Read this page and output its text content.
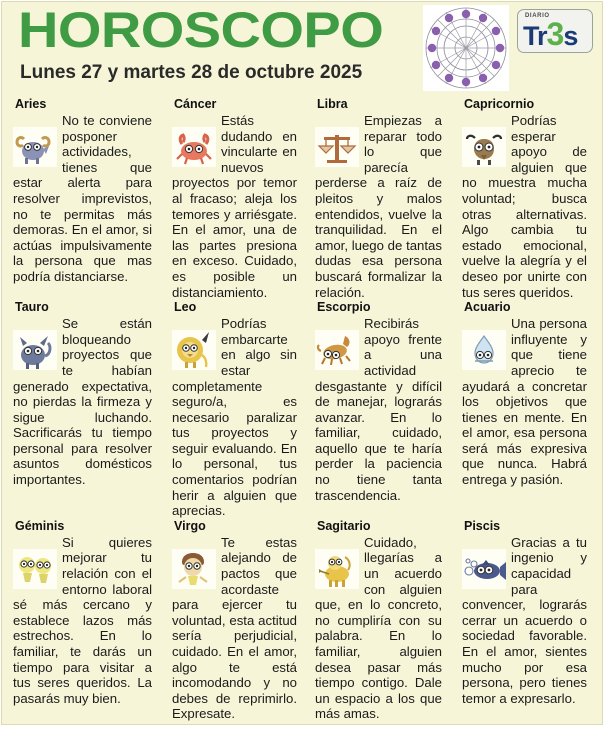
HOROSCOPO
Lunes 27 y martes 28 de octubre 2025
DIARIO
Tr3s
Aries
No te conviene posponer actividades, tienes que estar alerta para resolver imprevistos, no te permitas más demoras. En el amor, si actúas impulsivamente la persona que mas podría distanciarse.
Cáncer
Estás dudando en vincularte en nuevos proyectos por temor al fracaso; aleja los temores y arriésgate. En el amor, una de las partes presiona en exceso. Cuidado, es posible un distanciamiento.
Libra
Empiezas a reparar todo lo que parecía perderse a raíz de pleitos y malos entendidos, vuelve la tranquilidad. En el amor, luego de tantas dudas esa persona buscará formalizar la relación.
Capricornio
Podrías esperar apoyo de alguien que no muestra mucha voluntad; busca otras alternativas. Algo cambia tu estado emocional, vuelve la alegría y el deseo por unirte con tus seres queridos.
Tauro
Se están bloqueando proyectos que te habían generado expectativa, no pierdas la firmeza y sigue luchando. Sacrificarás tu tiempo personal para resolver asuntos domésticos importantes.
Leo
Podrías embarcarte en algo sin estar completamente seguro/a, es necesario paralizar tus proyectos y seguir evaluando. En lo personal, tus comentarios podrían herir a alguien que aprecias.
Escorpio
Recibirás apoyo frente a una actividad desgastante y difícil de manejar, lograrás avanzar. En lo familiar, cuidado, aquello que te haría perder la paciencia no tiene tanta trascendencia.
Acuario
Una persona influyente y que tiene aprecio te ayudará a concretar los objetivos que tienes en mente. En el amor, esa persona será más expresiva que nunca. Habrá entrega y pasión.
Géminis
Si quieres mejorar tu relación con el entorno laboral sé más cercano y establece lazos más estrechos. En lo familiar, te darás un tiempo para visitar a tus seres queridos. La pasarás muy bien.
Virgo
Te estas alejando de pactos que acordaste para ejercer tu voluntad, esta actitud sería perjudicial, cuidado. En el amor, algo te está incomodando y no debes de reprimirlo. Expresate.
Sagitario
Cuidado, llegarías a un acuerdo con alguien que, en lo concreto, no cumpliría con su palabra. En lo familiar, alguien desea pasar más tiempo contigo. Dale un espacio a los que más amas.
Piscis
Gracias a tu ingenio y capacidad para convencer, lograrás cerrar un acuerdo o sociedad favorable. En el amor, sientes mucho por esa persona, pero tienes temor a expresarlo.
